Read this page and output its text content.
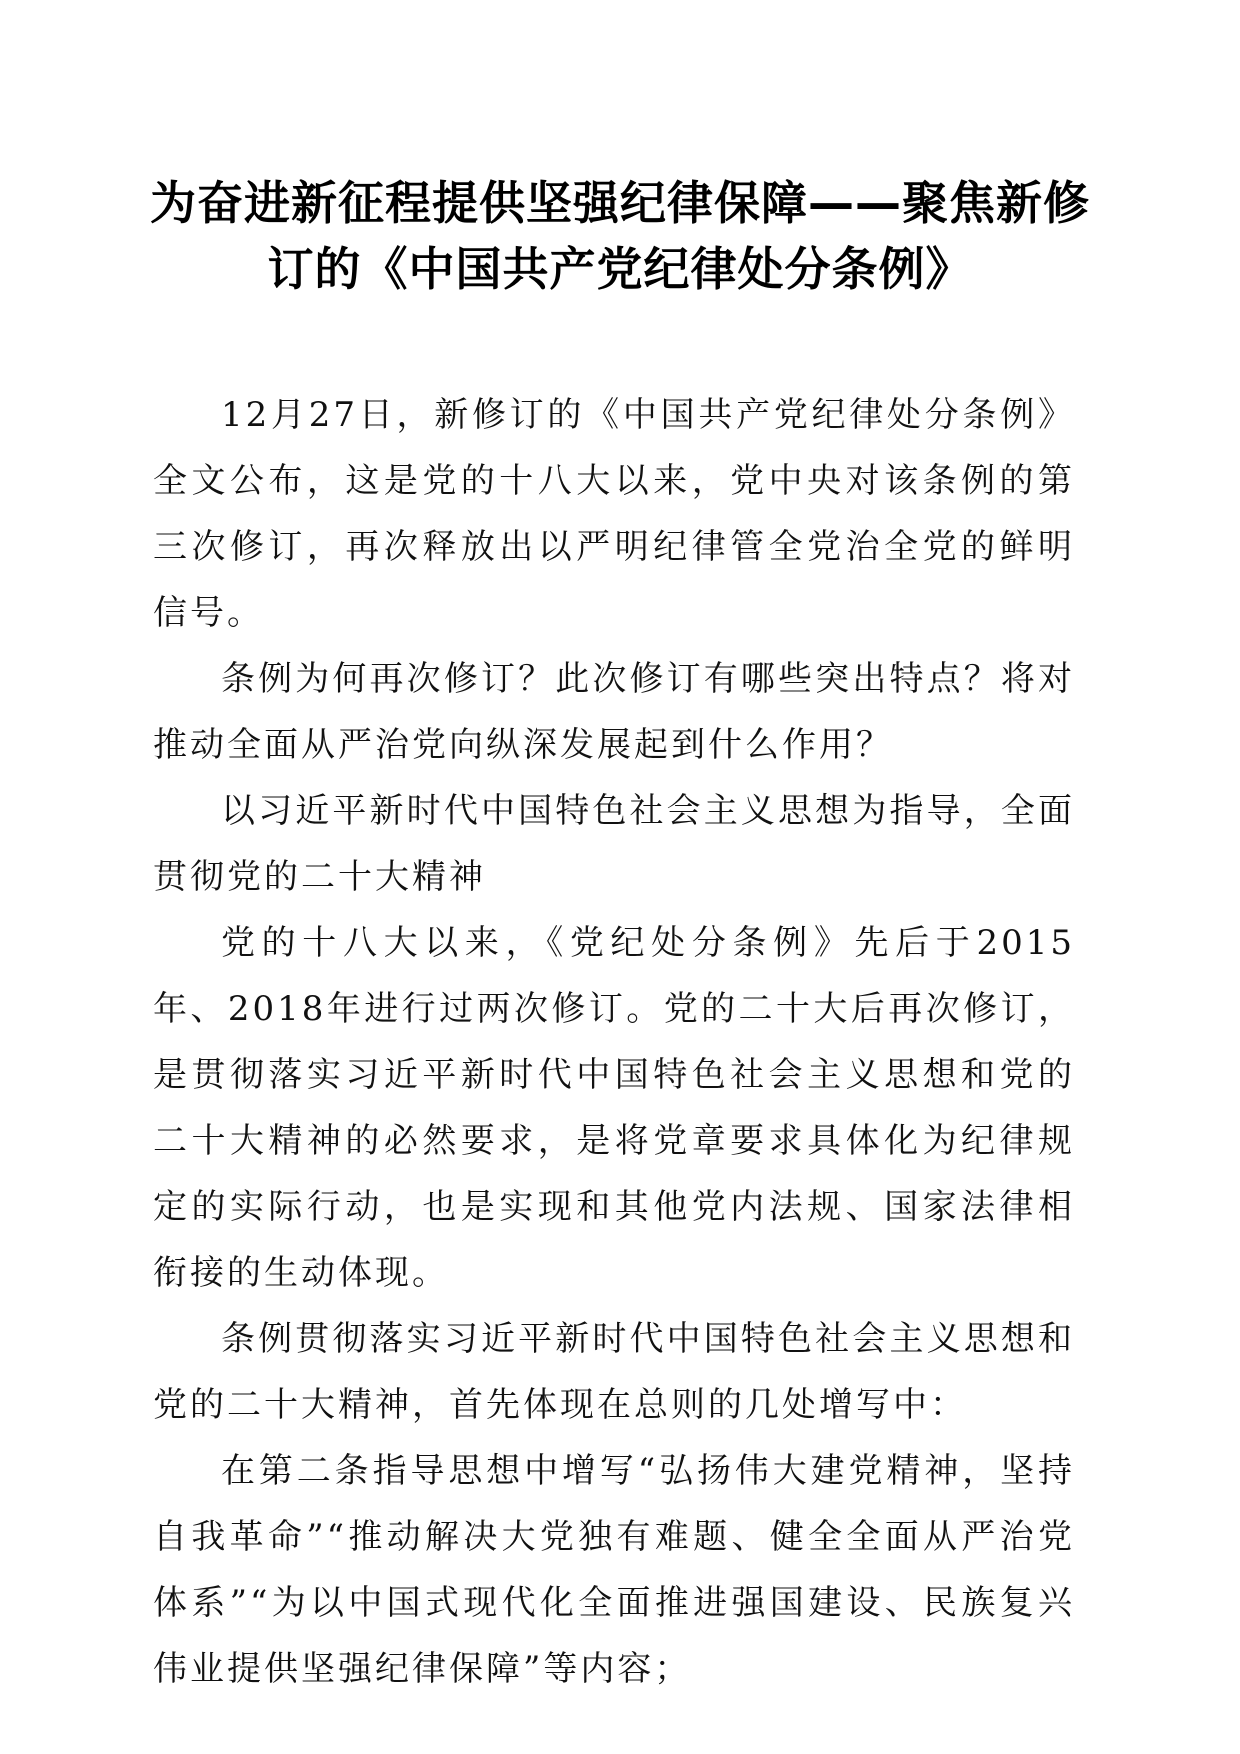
为奋进新征程提供坚强纪律保障——聚焦新修
订的《中国共产党纪律处分条例》

12月27日，新修订的《中国共产党纪律处分条例》全文公布，这是党的十八大以来，党中央对该条例的第三次修订，再次释放出以严明纪律管全党治全党的鲜明信号。

条例为何再次修订？此次修订有哪些突出特点？将对推动全面从严治党向纵深发展起到什么作用？

以习近平新时代中国特色社会主义思想为指导，全面贯彻党的二十大精神

党的十八大以来，《党纪处分条例》先后于2015年、2018年进行过两次修订。党的二十大后再次修订，是贯彻落实习近平新时代中国特色社会主义思想和党的二十大精神的必然要求，是将党章要求具体化为纪律规定的实际行动，也是实现和其他党内法规、国家法律相衔接的生动体现。

条例贯彻落实习近平新时代中国特色社会主义思想和党的二十大精神，首先体现在总则的几处增写中：

在第二条指导思想中增写“弘扬伟大建党精神，坚持自我革命”“推动解决大党独有难题、健全全面从严治党体系”“为以中国式现代化全面推进强国建设、民族复兴伟业提供坚强纪律保障”等内容；
